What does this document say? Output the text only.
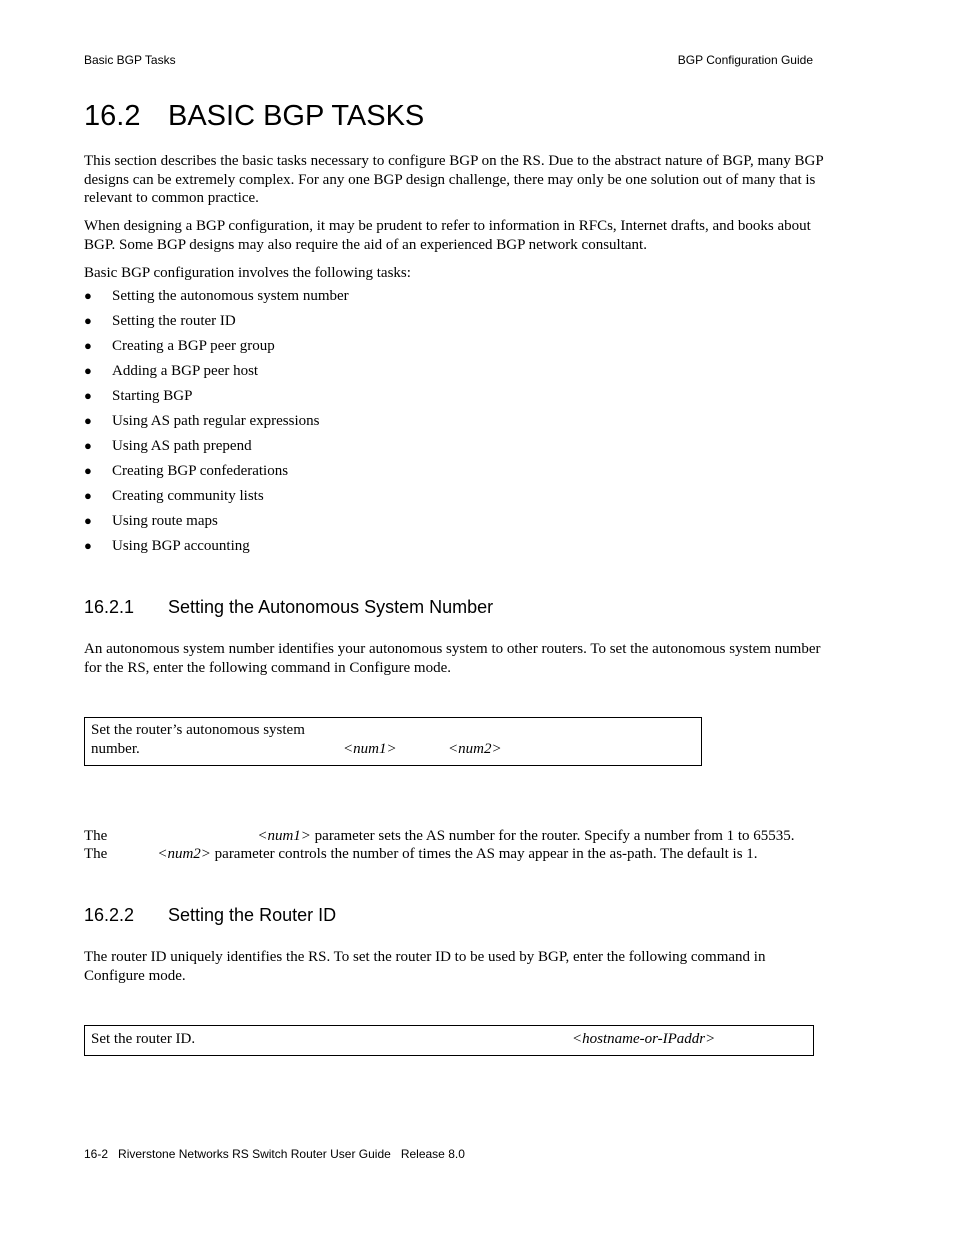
Basic BGP Tasks	BGP Configuration Guide
16.2 BASIC BGP TASKS

This section describes the basic tasks necessary to configure BGP on the RS. Due to the abstract nature of BGP, many BGP designs can be extremely complex. For any one BGP design challenge, there may only be one solution out of many that is relevant to common practice.

When designing a BGP configuration, it may be prudent to refer to information in RFCs, Internet drafts, and books about BGP. Some BGP designs may also require the aid of an experienced BGP network consultant.

Basic BGP configuration involves the following tasks:

● Setting the autonomous system number
● Setting the router ID
● Creating a BGP peer group
● Adding a BGP peer host
● Starting BGP
● Using AS path regular expressions
● Using AS path prepend
● Creating BGP confederations
● Creating community lists
● Using route maps
● Using BGP accounting
16.2.1 Setting the Autonomous System Number

An autonomous system number identifies your autonomous system to other routers. To set the autonomous system number for the RS, enter the following command in Configure mode.

Set the router’s autonomous system
number.	<num1>	<num2>
The	<num1> parameter sets the AS number for the router. Specify a number from 1 to 65535.
The	<num2> parameter controls the number of times the AS may appear in the as-path. The default is 1.
16.2.2 Setting the Router ID

The router ID uniquely identifies the RS. To set the router ID to be used by BGP, enter the following command in Configure mode.

Set the router ID.	<hostname-or-IPaddr>
16-2 Riverstone Networks RS Switch Router User Guide Release 8.0
